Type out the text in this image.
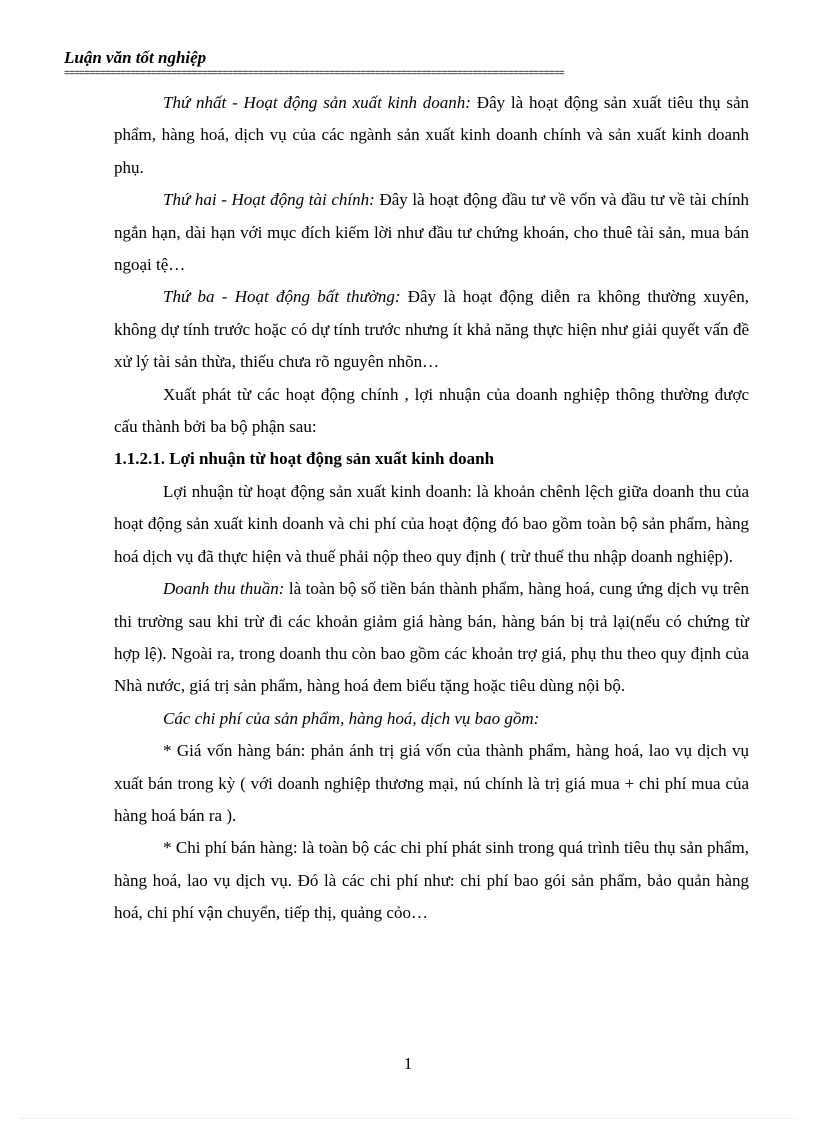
Luận văn tốt nghiệp
==================================================================================================

Thứ nhất - Hoạt động sản xuất kinh doanh: Đây là hoạt động sản xuất tiêu thụ sản phẩm, hàng hoá, dịch vụ của các ngành sản xuất kinh doanh chính và sản xuất kinh doanh phụ.

Thứ hai - Hoạt động tài chính: Đây là hoạt động đầu tư về vốn và đầu tư về tài chính ngắn hạn, dài hạn với mục đích kiếm lời như đầu tư chứng khoán, cho thuê tài sản, mua bán ngoại tệ…

Thứ ba - Hoạt động bất thường: Đây là hoạt động diễn ra không thường xuyên, không dự tính trước hoặc có dự tính trước nhưng ít khả năng thực hiện như giải quyết vấn đề xử lý tài sản thừa, thiếu chưa rõ nguyên nhõn…

Xuất phát từ các hoạt động chính , lợi nhuận của doanh nghiệp thông thường được cấu thành bởi ba bộ phận sau:

1.1.2.1. Lợi nhuận từ hoạt động sản xuất kinh doanh

Lợi nhuận từ hoạt động sản xuất kinh doanh: là khoản chênh lệch giữa doanh thu của hoạt động sản xuất kinh doanh và chi phí của hoạt động đó bao gồm toàn bộ sản phẩm, hàng hoá dịch vụ đã thực hiện và thuế phải nộp theo quy định ( trừ thuế thu nhập doanh nghiệp).

Doanh thu thuần: là toàn bộ số tiền bán thành phẩm, hàng hoá, cung ứng dịch vụ trên thi trường sau khi trừ đi các khoản giảm giá hàng bán, hàng bán bị trả lại(nếu có chứng từ hợp lệ). Ngoài ra, trong doanh thu còn bao gồm các khoản trợ giá, phụ thu theo quy định của Nhà nước, giá trị sản phẩm, hàng hoá đem biếu tặng hoặc tiêu dùng nội bộ.

Các chi phí của sản phẩm, hàng hoá, dịch vụ bao gồm:

* Giá vốn hàng bán: phản ánh trị giá vốn của thành phẩm, hàng hoá, lao vụ dịch vụ xuất bán trong kỳ ( với doanh nghiệp thương mại, nú chính là trị giá mua + chi phí mua của hàng hoá bán ra ).

* Chi phí bán hàng: là toàn bộ các chi phí phát sinh trong quá trình tiêu thụ sản phẩm, hàng hoá, lao vụ dịch vụ. Đó là các chi phí như: chi phí bao gói sản phẩm, bảo quản hàng hoá, chi phí vận chuyển, tiếp thị, quảng cỏo…

1
